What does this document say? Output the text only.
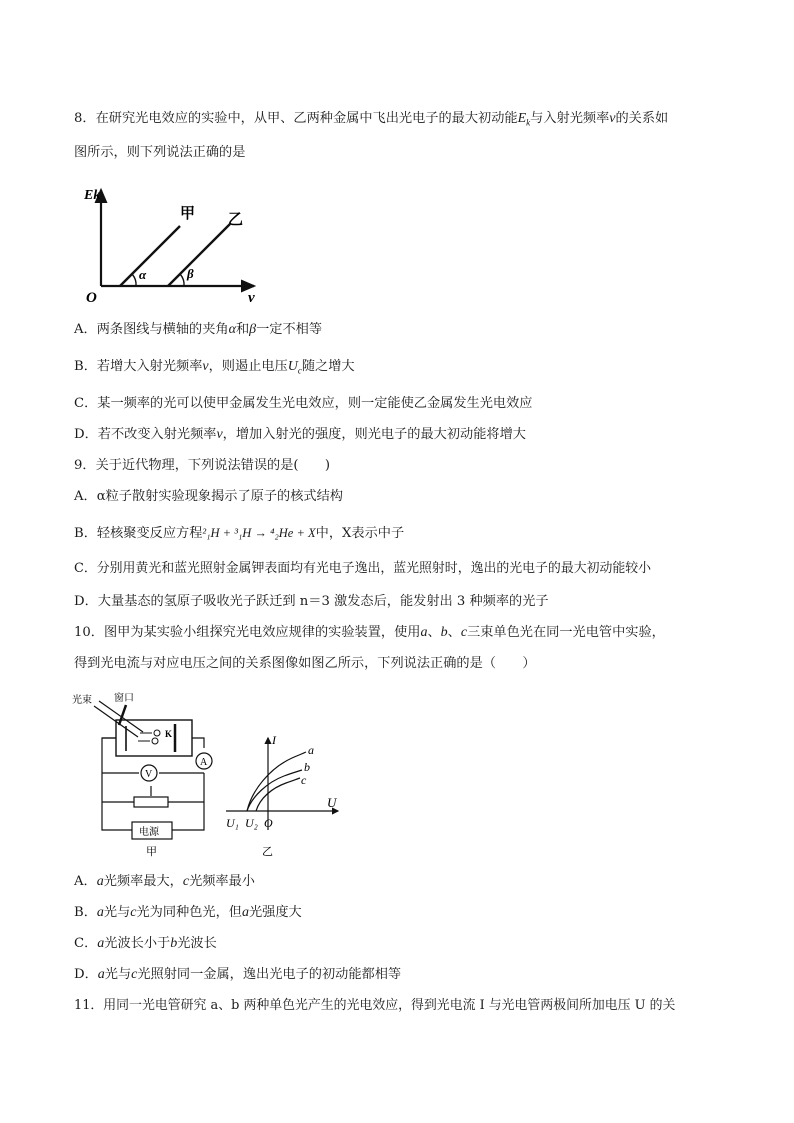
8．在研究光电效应的实验中，从甲、乙两种金属中飞出光电子的最大初动能$E_k$与入射光频率ν的关系如
图所示，则下列说法正确的是
Ek
O	ν
甲 乙
α	β
A．两条图线与横轴的夹角α和β一定不相等
B．若增大入射光频率ν，则遏止电压$U_c$随之增大
C．某一频率的光可以使甲金属发生光电效应，则一定能使乙金属发生光电效应
D．若不改变入射光频率ν，增加入射光的强度，则光电子的最大初动能将增大
9．关于近代物理，下列说法错误的是(　　)
A．α粒子散射实验现象揭示了原子的核式结构
B．轻核聚变反应方程²₁H + ³₁H → ⁴₂He + X中，X表示中子
C．分别用黄光和蓝光照射金属钾表面均有光电子逸出，蓝光照射时，逸出的光电子的最大初动能较小
D．大量基态的氢原子吸收光子跃迁到 n＝3 激发态后，能发射出 3 种频率的光子
10．图甲为某实验小组探究光电效应规律的实验装置，使用a、b、c三束单色光在同一光电管中实验，
得到光电流与对应电压之间的关系图像如图乙所示，下列说法正确的是（　　）
光束 窗口
K
A
V
电源
甲
I
U
O
U₁ U₂
a
b
c
乙
A．a光频率最大，c光频率最小
B．a光与c光为同种色光，但a光强度大
C．a光波长小于b光波长
D．a光与c光照射同一金属，逸出光电子的初动能都相等
11．用同一光电管研究 a、b 两种单色光产生的光电效应，得到光电流 I 与光电管两极间所加电压 U 的关
